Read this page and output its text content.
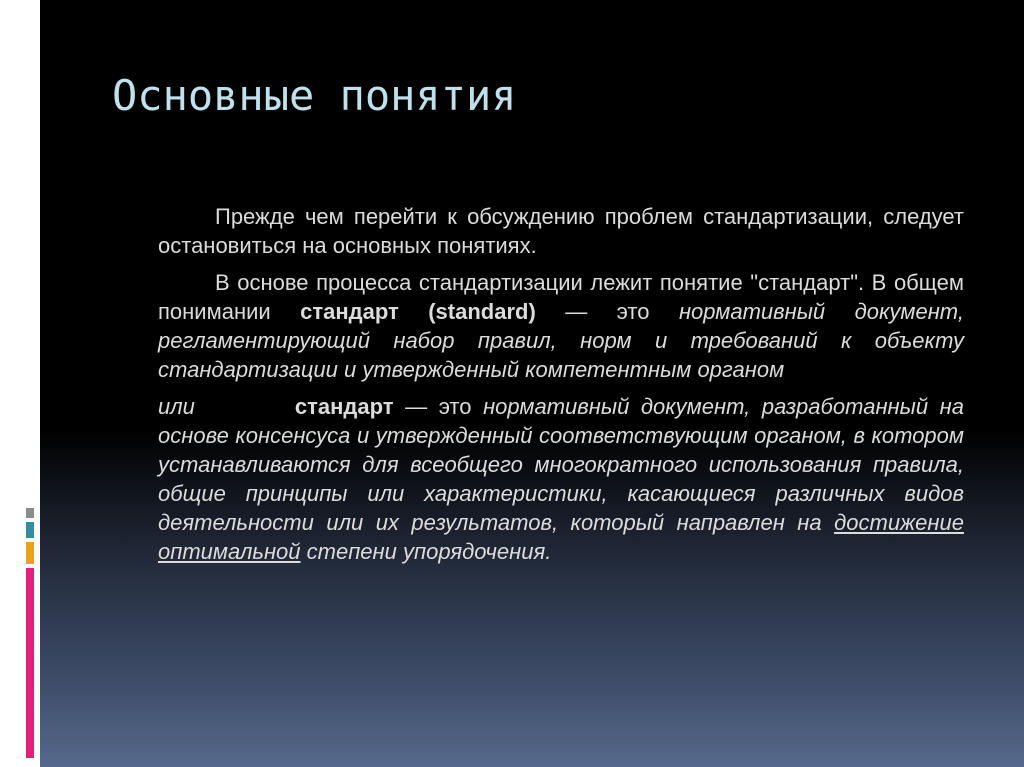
Основные понятия

Прежде чем перейти к обсуждению проблем стандартизации, следует остановиться на основных понятиях.

В основе процесса стандартизации лежит понятие "стандарт". В общем понимании стандарт (standard) — это нормативный документ, регламентирующий набор правил, норм и требований к объекту стандартизации и утвержденный компетентным органом

или	стандарт — это нормативный документ, разработанный на основе консенсуса и утвержденный соответствующим органом, в котором устанавливаются для всеобщего многократного использования правила, общие принципы или характеристики, касающиеся различных видов деятельности или их результатов, который направлен на достижение оптимальной степени упорядочения.
